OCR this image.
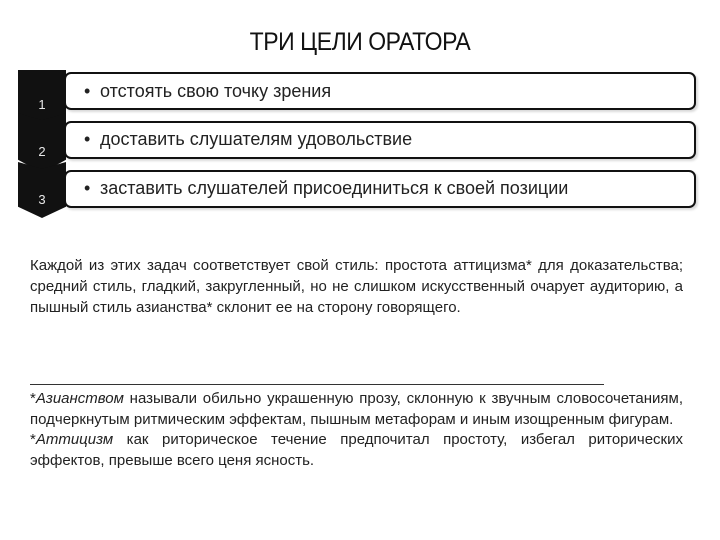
ТРИ ЦЕЛИ ОРАТОРА
1
• отстоять свою точку зрения
2
• доставить слушателям удовольствие
3
• заставить слушателей присоединиться к своей позиции
Каждой из этих задач соответствует свой стиль: простота аттицизма* для доказательства; средний стиль, гладкий, закругленный, но не слишком искусственный очарует аудиторию, а пышный стиль азианства* склонит ее на сторону говорящего.

*Азианством называли обильно украшенную прозу, склонную к звучным словосочетаниям, подчеркнутым ритмическим эффектам, пышным метафорам и иным изощренным фигурам.

*Аттицизм как риторическое течение предпочитал простоту, избегал риторических эффектов, превыше всего ценя ясность.
